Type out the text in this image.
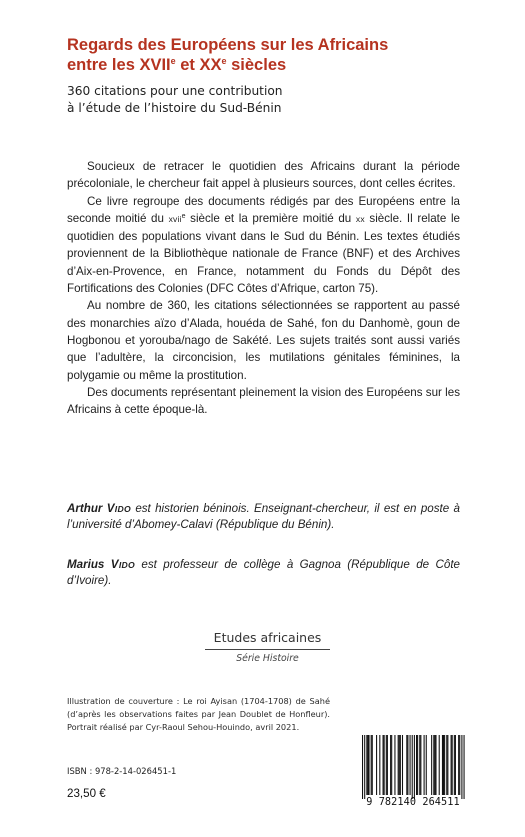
Regards des Européens sur les Africains
entre les XVIIe et XXe siècles
360 citations pour une contribution
à l’étude de l’histoire du Sud-Bénin

Soucieux de retracer le quotidien des Africains durant la période précoloniale, le chercheur fait appel à plusieurs sources, dont celles écrites.

Ce livre regroupe des documents rédigés par des Européens entre la seconde moitié du xvii$^e$ siècle et la première moitié du xx siècle. Il relate le quotidien des populations vivant dans le Sud du Bénin. Les textes étudiés proviennent de la Bibliothèque nationale de France (BNF) et des Archives d’Aix-en-Provence, en France, notamment du Fonds du Dépôt des Fortifications des Colonies (DFC Côtes d’Afrique, carton 75).

Au nombre de 360, les citations sélectionnées se rapportent au passé des monarchies aïzo d’Alada, houéda de Sahé, fon du Danhomè, goun de Hogbonou et yorouba/nago de Sakété. Les sujets traités sont aussi variés que l’adultère, la circoncision, les mutilations génitales féminines, la polygamie ou même la prostitution.

Des documents représentant pleinement la vision des Européens sur les Africains à cette époque-là.

Arthur VIDO est historien béninois. Enseignant-chercheur, il est en poste à l’université d’Abomey-Calavi (République du Bénin).
Marius VIDO est professeur de collège à Gagnoa (République de Côte d’Ivoire).
Etudes africaines
Série Histoire
Illustration de couverture : Le roi Ayisan (1704-1708) de Sahé (d’après les observations faites par Jean Doublet de Honfleur). Portrait réalisé par Cyr-Raoul Sehou-Houindo, avril 2021.
ISBN : 978-2-14-026451-1
23,50 €
9 782140 264511
